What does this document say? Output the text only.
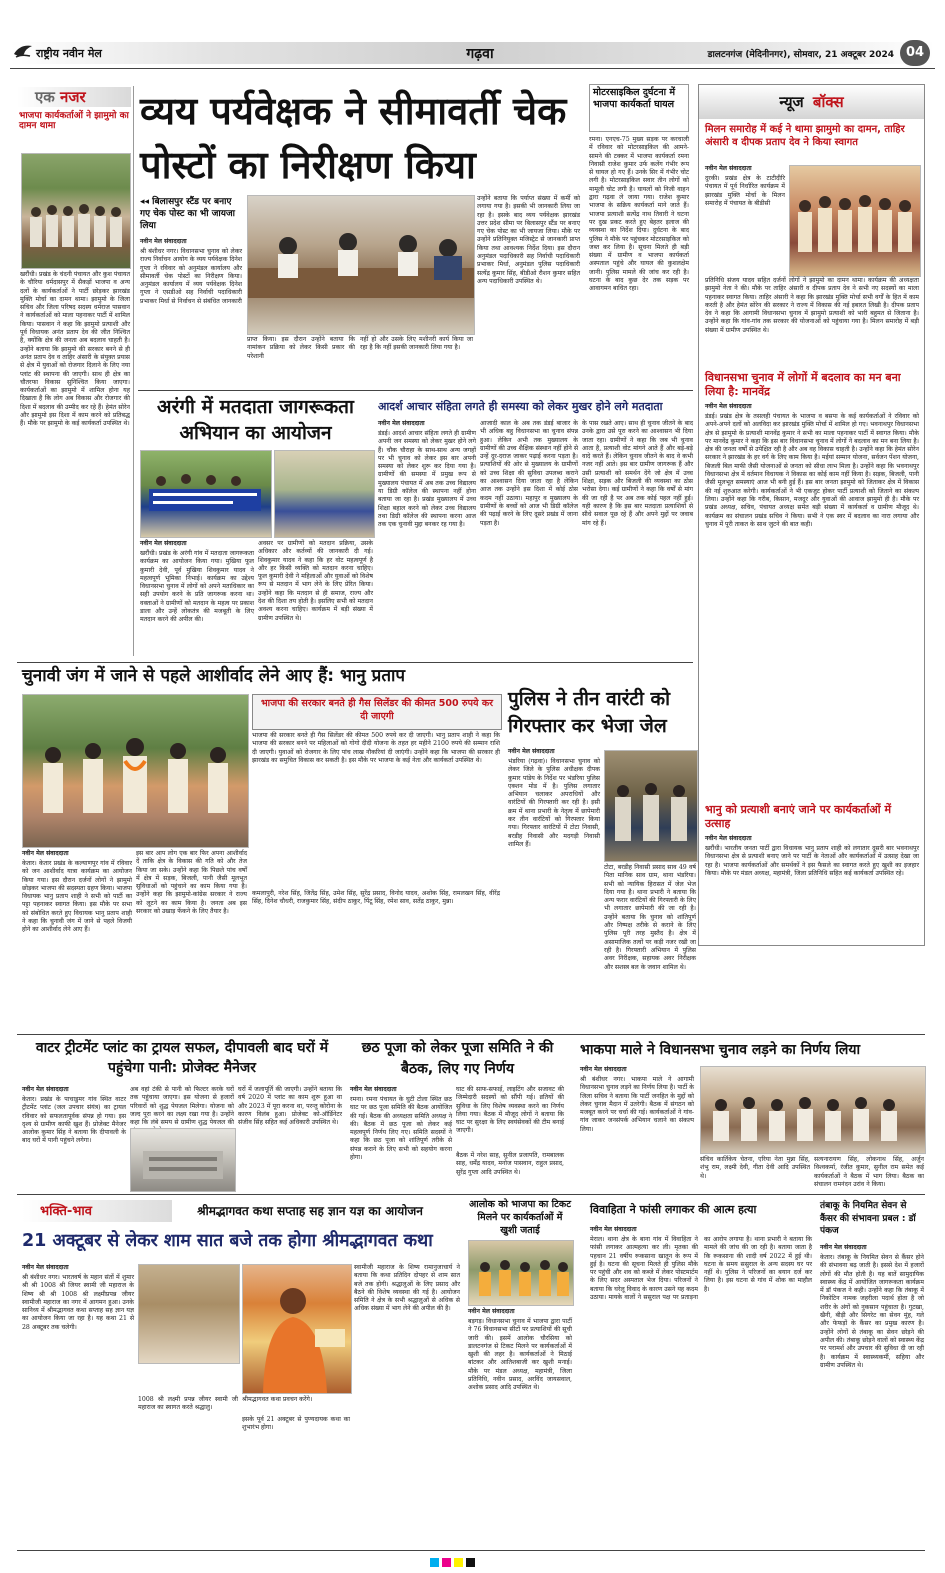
राष्ट्रीय नवीन मेल	गढ़वा	डालटनगंज (मेदिनीनगर), सोमवार, 21 अक्टूबर 2024 04
एक नजर
भाजपा कार्यकर्ताओं ने झामुमो का दामन थामा
खरौंधी। प्रखंड के चंदनी पंचायत और कुश पंचायत के चौरिया धर्मदासपुर में सैकड़ों भाजपा व अन्य दलों के कार्यकर्ताओं ने पार्टी छोड़कर झारखंड मुक्ति मोर्चा का दामन थामा। झामुमो के जिला सचिव और जिला परिषद सदस्य धर्मराज पासवान ने कार्यकर्ताओं को माला पहनाकर पार्टी में शामिल किया। पासवान ने कहा कि झामुमो प्रत्याशी और पूर्व विधायक अनंत प्रताप देव की जीत निश्चित है, क्योंकि क्षेत्र की जनता अब बदलाव चाहती है। उन्होंने बताया कि झामुमो की सरकार बनने से ही अनंत प्रताप देव व ताहिर अंसारी के संयुक्त प्रयास से क्षेत्र में युवाओं को रोजगार दिलाने के लिए नया प्लांट की स्थापना की जाएगी। साथ ही क्षेत्र का चौतरफा विकास सुनिश्चित किया जाएगा। कार्यकर्ताओं का झामुमो में शामिल होना यह दिखाता है कि लोग अब विकास और रोजगार की दिशा में बदलाव की उम्मीद कर रहे हैं। हेमंत सोरेन और झामुमो इस दिशा में काम करने को प्रतिबद्ध हैं। मौके पर झामुमो के कई कार्यकर्ता उपस्थित थे।
व्यय पर्यवेक्षक ने सीमावर्ती चेक पोस्टों का निरीक्षण किया
◂◂ बिलासपुर स्टैंड पर बनाए गए चेक पोस्ट का भी जायजा लिया
नवीन मेल संवाददाता
श्री बंशीधर नगर। विधानसभा चुनाव को लेकर राज्य निर्वाचन आयोग के व्यय पर्यवेक्षक दिनेश गुप्ता ने रविवार को अनुमंडल कार्यालय और सीमावर्ती चेक पोस्टों का निरीक्षण किया। अनुमंडल कार्यालय में व्यय पर्यवेक्षक दिनेश गुप्ता ने एसडीओ सह निर्वाची पदाधिकारी प्रभाकर मिर्धा से निर्वाचन से संबंधित जानकारी
प्राप्त किया। इस दौरान उन्होंने बताया कि नामांकन प्रक्रिया को लेकर किसी प्रकार की परेशानी
नहीं हो और उसके लिए मशीनरी कार्य किया जा रहा है कि नहीं इसकी जानकारी लिया गया है।
उन्होंने बताया कि पर्याप्त संख्या में कर्मी को लगाया गया है। इसकी भी जानकारी लिया जा रहा है। इसके बाद व्यय पर्यवेक्षक झारखंड उत्तर प्रदेश सीमा पर बिलासपुर स्टैंड पर बनाए गए चेक पोस्ट का भी जायजा लिया। मौके पर उन्होंने प्रतिनियुक्त मजिस्ट्रेट से जानकारी प्राप्त किया तथा आवश्यक निर्देश दिया। इस दौरान अनुमंडल पदाधिकारी सह निर्वाची पदाधिकारी प्रभाकर मिर्धा, अनुमंडल पुलिस पदाधिकारी सत्येंद्र कुमार सिंह, बीडीओ रौशन कुमार सहित अन्य पदाधिकारी उपस्थित थे।
मोटरसाइकिल दुर्घटना में भाजपा कार्यकर्ता घायल
रमना। एनएच-75 मुख्य सड़क पर करचाली में रविवार को मोटरसाइकिल की आमने-सामने की टक्कर में भाजपा कार्यकर्ता रमना निवासी राजेश कुमार उर्फ कलेंग गंभीर रूप से घायल हो गए हैं। उनके सिर में गंभीर चोट लगी है। मोटरसाइकिल सवार तीन लोगों को मामूली चोट लगी है। घायलों को निजी वाहन द्वारा गढ़वा ले जाया गया। राजेश कुमार भाजपा के सक्रिय कार्यकर्ता माने जाते हैं। भाजपा प्रत्याशी सत्येंद्र नाथ तिवारी ने घटना पर दुख प्रकट करते हुए बेहतर इलाज की व्यवस्था का निर्देश दिया। दुर्घटना के बाद पुलिस ने मौके पर पहुंचकर मोटरसाइकिल को जब्त कर लिया है। सूचना मिलते ही बड़ी संख्या में ग्रामीण व भाजपा कार्यकर्ता अस्पताल पहुंचे और घायल की कुशलक्षेम जानी। पुलिस मामले की जांच कर रही है। घटना के बाद कुछ देर तक सड़क पर आवागमन बाधित रहा।
न्यूज बॉक्स
मिलन समारोह में कई ने थामा झामुमो का दामन, ताहिर अंसारी व दीपक प्रताप देव ने किया स्वागत
नवीन मेल संवाददाता
दुरकी। प्रखंड क्षेत्र के टाटीदीरि पंचायत में पूर्व निर्धारित कार्यक्रम में झारखंड मुक्ति मोर्चा के मिलन समारोह में पंचायत के बीडीसी
प्रतिनिधि संजय यादव सहित दर्जनों लोगों ने झामुमो का दामन थामा। कार्यक्रम की अध्यक्षता झामुमो नेता ने की। मौके पर ताहिर अंसारी व दीपक प्रताप देव ने सभी नए सदस्यों का माला पहनाकर स्वागत किया। ताहिर अंसारी ने कहा कि झारखंड मुक्ति मोर्चा सभी वर्गों के हित में काम करती है और हेमंत सोरेन की सरकार ने राज्य में विकास की नई इबारत लिखी है। दीपक प्रताप देव ने कहा कि आगामी विधानसभा चुनाव में झामुमो प्रत्याशी को भारी बहुमत से जिताना है। उन्होंने कहा कि गांव-गांव तक सरकार की योजनाओं को पहुंचाया गया है। मिलन समारोह में बड़ी संख्या में ग्रामीण उपस्थित थे।
विधानसभा चुनाव में लोगों में बदलाव का मन बना लिया है: मानवेंद्र
नवीन मेल संवाददाता
डंडई। प्रखंड क्षेत्र के तसलही पंचायत के भाजपा व बसपा के कई कार्यकर्ताओं ने रविवार को अपने-अपने दलों को अलविदा कर झारखंड मुक्ति मोर्चा में शामिल हो गए। भवनाथपुर विधानसभा क्षेत्र से झामुमो के प्रत्याशी मानवेंद्र कुमार ने सभी का माला पहनाकर पार्टी में स्वागत किया। मौके पर मानवेंद्र कुमार ने कहा कि इस बार विधानसभा चुनाव में लोगों ने बदलाव का मन बना लिया है। क्षेत्र की जनता वर्षों से उपेक्षित रही है और अब वह विकास चाहती है। उन्होंने कहा कि हेमंत सोरेन सरकार ने झारखंड के हर वर्ग के लिए काम किया है। मईयां सम्मान योजना, सर्वजन पेंशन योजना, बिजली बिल माफी जैसी योजनाओं से जनता को सीधा लाभ मिला है। उन्होंने कहा कि भवनाथपुर विधानसभा क्षेत्र में वर्तमान विधायक ने विकास का कोई काम नहीं किया है। सड़क, बिजली, पानी जैसी मूलभूत समस्याएं आज भी बनी हुई हैं। इस बार जनता झामुमो को जिताकर क्षेत्र में विकास की नई शुरुआत करेगी। कार्यकर्ताओं ने भी एकजुट होकर पार्टी प्रत्याशी को जिताने का संकल्प लिया। उन्होंने कहा कि गरीब, किसान, मजदूर और युवाओं की आवाज झामुमो ही है। मौके पर प्रखंड अध्यक्ष, सचिव, पंचायत अध्यक्ष समेत बड़ी संख्या में कार्यकर्ता व ग्रामीण मौजूद थे। कार्यक्रम का संचालन प्रखंड सचिव ने किया। सभी ने एक स्वर में बदलाव का नारा लगाया और चुनाव में पूरी ताकत के साथ जुटने की बात कही।
भानु को प्रत्याशी बनाएं जाने पर कार्यकर्ताओं में उत्साह
नवीन मेल संवाददाता
खरौंधी। भारतीय जनता पार्टी द्वारा विधायक भानु प्रताप शाही को लगातार दूसरी बार भवनाथपुर विधानसभा क्षेत्र से प्रत्याशी बनाए जाने पर पार्टी के नेताओं और कार्यकर्ताओं में उत्साह देखा जा रहा है। भाजपा कार्यकर्ताओं और समर्थकों ने इस फैसले का स्वागत करते हुए खुशी का इजहार किया। मौके पर मंडल अध्यक्ष, महामंत्री, जिला प्रतिनिधि सहित कई कार्यकर्ता उपस्थित रहे।
अरंगी में मतदाता जागरूकता अभियान का आयोजन
नवीन मेल संवाददाता
खरौंधी। प्रखंड के अरंगी गांव में मतदाता जागरूकता कार्यक्रम का आयोजन किया गया। मुखिया फूल कुमारी देवी, पूर्व मुखिया शिवकुमार यादव ने महत्वपूर्ण भूमिका निभाई। कार्यक्रम का उद्देश्य विधानसभा चुनाव में लोगों को अपने मताधिकार का सही उपयोग करने के प्रति जागरूक करना था। वक्ताओं ने ग्रामीणों को मतदान के महत्व पर प्रकाश डाला और उन्हें लोकतंत्र की मजबूती के लिए मतदान करने की अपील की।
अवसर पर ग्रामीणों को मतदान प्रक्रिया, उसके अधिकार और कर्तव्यों की जानकारी दी गई। शिवकुमार यादव ने कहा कि हर वोट महत्वपूर्ण है और हर किसी व्यक्ति को मतदान करना चाहिए। फूल कुमारी देवी ने महिलाओं और युवाओं को विशेष रूप से मतदान में भाग लेने के लिए प्रेरित किया। उन्होंने कहा कि मतदान से ही समाज, राज्य और देश की दिशा तय होती है। इसलिए सभी को मतदान अवश्य करना चाहिए। कार्यक्रम में बड़ी संख्या में ग्रामीण उपस्थित थे।
आदर्श आचार संहिता लगते ही समस्या को लेकर मुखर होने लगे मतदाता
नवीन मेल संवाददाता
डंडई। आदर्श आचार संहिता लगते ही ग्रामीण अपनी जन समस्या को लेकर मुखर होने लगे हैं। चौक चौराहा के साथ-साथ अन्य जगहों पर भी चुनाव को लेकर इस बार अपनी समस्या को लेकर शुरू कर दिया गया है। ग्रामीणों की समस्या में प्रमुख रूप से मुख्यालय पंचायत में अब तक उच्च विद्यालय या डिग्री कॉलेज की स्थापना नहीं होना बताया जा रहा है। प्रखंड मुख्यालय में उच्च शिक्षा बहाल करने को लेकर उच्च विद्यालय तथा डिग्री कॉलेज की स्थापना करना आज तक एक चुनावी मुद्दा बनकर रह गया है।
आजादी काल के अब तक डंडई बाजार के भी अधिक बहु विधानसभा का चुनाव संपन्न हुआ। लेकिन अभी तक मुख्यालय के ग्रामीणों की उच्च शैक्षिक संस्थान नहीं होने से उन्हें दूर-दराज जाकर पढ़ाई करना पड़ता है। प्रत्याशियों की ओर से मुख्यालय के ग्रामीणों को उच्च शिक्षा की सुविधा उपलब्ध कराने का आश्वासन दिया जाता रहा है लेकिन आज तक उन्होंने इस दिशा में कोई ठोस कदम नहीं उठाया। महापुर व मुख्यालय के ग्रामीणों के बच्चों को आज भी डिग्री कॉलेज की पढ़ाई करने के लिए दूसरे प्रखंड में जाना पड़ता है।
के पास रखते आए। साथ ही चुनाव जीतने के बाद उनके द्वारा उसे पूरा करने का आश्वासन भी दिया जाता रहा। ग्रामीणों ने कहा कि जब भी चुनाव आता है, प्रत्याशी वोट मांगने आते हैं और बड़े-बड़े वादे करते हैं। लेकिन चुनाव जीतने के बाद वे कभी नजर नहीं आते। इस बार ग्रामीण जागरूक हैं और उसी प्रत्याशी को समर्थन देंगे जो क्षेत्र में उच्च शिक्षा, सड़क और बिजली की व्यवस्था का ठोस भरोसा देगा। कई ग्रामीणों ने कहा कि वर्षों से मांग की जा रही है पर अब तक कोई पहल नहीं हुई। यही कारण है कि इस बार मतदाता प्रत्याशियों से सीधे सवाल पूछ रहे हैं और अपने मुद्दों पर जवाब मांग रहे हैं।
चुनावी जंग में जाने से पहले आशीर्वाद लेने आए हैं: भानु प्रताप
नवीन मेल संवाददाता
केतार। केतार प्रखंड के कल्याणपुर गांव में रविवार को जन आशीर्वाद यात्रा कार्यक्रम का आयोजन किया गया। इस दौरान दर्जनों लोगों ने झामुमो छोड़कर भाजपा की सदस्यता ग्रहण किया। भाजपा विधायक भानु प्रताप शाही ने सभी को पार्टी का पट्टा पहनाकर स्वागत किया। इस मौके पर सभा को संबोधित करते हुए विधायक भानु प्रताप शाही ने कहा कि चुनावी जंग में जाने से पहले विजयी होने का आशीर्वाद लेने आए हैं।
इस बार आप लोग एक बार फिर अपना आशीर्वाद दें ताकि क्षेत्र के विकास की गति को और तेज किया जा सके। उन्होंने कहा कि पिछले पांच वर्षों में क्षेत्र में सड़क, बिजली, पानी जैसी मूलभूत सुविधाओं को पहुंचाने का काम किया गया है। उन्होंने कहा कि झामुमो-कांग्रेस सरकार ने राज्य को लूटने का काम किया है। जनता अब इस सरकार को उखाड़ फेंकने के लिए तैयार है।
भाजपा की सरकार बनते ही गैस सिलेंडर की कीमत 500 रुपये कर दी जाएगी
भाजपा की सरकार बनते ही गैस सिलेंडर की कीमत 500 रुपये कर दी जाएगी। भानु प्रताप शाही ने कहा कि भाजपा की सरकार बनने पर महिलाओं को गोगो दीदी योजना के तहत हर महीने 2100 रुपये की सम्मान राशि दी जाएगी। युवाओं को रोजगार के लिए पांच लाख नौकरियां दी जाएंगी। उन्होंने कहा कि भाजपा की सरकार ही झारखंड का समुचित विकास कर सकती है। इस मौके पर भाजपा के कई नेता और कार्यकर्ता उपस्थित थे।
कमलापुरी, नरेश सिंह, जितेंद्र सिंह, उमेश सिंह, सुरेंद्र प्रसाद, विनोद यादव, अशोक सिंह, रामलखन सिंह, वीरेंद्र सिंह, दिनेश चौधरी, राजकुमार सिंह, संदीप ठाकुर, पिंटू सिंह, रमेश साव, सतेंद्र ठाकुर, मुन्ना।
पुलिस ने तीन वारंटी को गिरफ्तार कर भेजा जेल
नवीन मेल संवाददाता
भंडरिया (गढ़वा)। विधानसभा चुनाव को लेकर जिले के पुलिस अधीक्षक दीपक कुमार पांडेय के निर्देश पर भंडरिया पुलिस एक्शन मोड में है। पुलिस लगातार अभियान चलाकर अपराधियों और वारंटियों की गिरफ्तारी कर रही है। इसी क्रम में थाना प्रभारी के नेतृत्व में छापेमारी कर तीन वारंटियों को गिरफ्तार किया गया। गिरफ्तार वारंटियों में टोटा निवासी, बरडीह निवासी और मदगड़ी निवासी शामिल हैं।
टोटा, बरडीह निवासी प्रसाद साव 49 वर्ष पिता मानिक साव ग्राम, थाना भंडरिया। सभी को न्यायिक हिरासत में जेल भेज दिया गया है। थाना प्रभारी ने बताया कि अन्य फरार वारंटियों की गिरफ्तारी के लिए भी लगातार छापेमारी की जा रही है। उन्होंने बताया कि चुनाव को शांतिपूर्ण और निष्पक्ष तरीके से कराने के लिए पुलिस पूरी तरह मुस्तैद है। क्षेत्र में असामाजिक तत्वों पर कड़ी नजर रखी जा रही है। गिरफ्तारी अभियान में पुलिस अवर निरीक्षक, सहायक अवर निरीक्षक और सशस्त्र बल के जवान शामिल थे।
वाटर ट्रीटमेंट प्लांट का ट्रायल सफल, दीपावली बाद घरों में पहुंचेगा पानी: प्रोजेक्ट मैनेजर
नवीन मेल संवाददाता
केतार। प्रखंड के पाचाडुमर गांव स्थित वाटर ट्रीटमेंट प्लांट (जल उपचार संयंत्र) का ट्रायल रविवार को सफलतापूर्वक संपन्न हो गया। इस दृश्य से ग्रामीण काफी खुश हैं। प्रोजेक्ट मैनेजर आलोक कुमार सिंह ने बताया कि दीपावली के बाद घरों में पानी पहुंचने लगेगा।
अब वहां टंकी से पानी को फिल्टर करके घरों तक पहुंचाया जाएगा। इस योजना से हजारों परिवारों को शुद्ध पेयजल मिलेगा। योजना को जल्द पूरा करने का लक्ष्य रखा गया है। उन्होंने कहा कि लंबे समय से ग्रामीण शुद्ध पेयजल की
घरों में जलापूर्ति की जाएगी। उन्होंने बताया कि वर्ष 2020 में प्लांट का काम शुरू हुआ था और 2023 में पूरा करना था, परन्तु कोरोना के कारण विलंब हुआ। प्रोजेक्ट को-ऑर्डिनेटर संजीव सिंह सहित कई अधिकारी उपस्थित थे।
छठ पूजा को लेकर पूजा समिति ने की बैठक, लिए गए निर्णय
नवीन मेल संवाददाता
रमना। रमना पंचायत के घुटी टोला स्थित छठ घाट पर छठ पूजा समिति की बैठक आयोजित की गई। बैठक की अध्यक्षता समिति अध्यक्ष ने की। बैठक में छठ पूजा को लेकर कई महत्वपूर्ण निर्णय लिए गए। समिति सदस्यों ने कहा कि छठ पूजा को शांतिपूर्ण तरीके से संपन्न कराने के लिए सभी को सहयोग करना होगा।
घाट की साफ-सफाई, लाइटिंग और सजावट की जिम्मेदारी सदस्यों को सौंपी गई। व्रतियों की सुविधा के लिए विशेष व्यवस्था करने का निर्णय लिया गया। बैठक में मौजूद लोगों ने बताया कि घाट पर सुरक्षा के लिए स्वयंसेवकों की टीम बनाई जाएगी।
बैठक में नरेश साह, सुनील प्रजापति, रामबालक साह, धर्मेंद्र यादव, मनोज पासवान, राहुल प्रसाद, सुरेंद्र गुप्ता आदि उपस्थित थे।
भाकपा माले ने विधानसभा चुनाव लड़ने का निर्णय लिया
नवीन मेल संवाददाता
श्री बंशीधर नगर। भाकपा माले ने आगामी विधानसभा चुनाव लड़ने का निर्णय लिया है। पार्टी के जिला सचिव ने बताया कि पार्टी जनहित के मुद्दों को लेकर चुनाव मैदान में उतरेगी। बैठक में संगठन को मजबूत करने पर चर्चा की गई। कार्यकर्ताओं ने गांव-गांव जाकर जनसंपर्क अभियान चलाने का संकल्प लिया।
संचिव कार्तिकेय चेतना, एरिया नेता मुन्ना सिंह, शंभु राम, लक्ष्मी देवी, गीता देवी आदि उपस्थित थे।
सत्यनारायण सिंह, लोकनाथ सिंह, अर्जुन विश्वकर्मा, रंजीत कुमार, सुनील राम समेत कई कार्यकर्ताओं ने बैठक में भाग लिया। बैठक का संचालन रामनंदन उरांव ने किया।
भक्ति-भाव	श्रीमद्भागवत कथा सप्ताह सह ज्ञान यज्ञ का आयोजन
21 अक्टूबर से लेकर शाम सात बजे तक होगा श्रीमद्भागवत कथा
नवीन मेल संवाददाता
श्री बंशीधर नगर। भारतवर्ष के महान संतों में शुमार श्री श्री 1008 श्री जियर स्वामी जी महाराज के शिष्य श्री श्री 1008 श्री लक्ष्मीप्रपन्न जीयर स्वामीजी महाराज का नगर में आगमन हुआ। उनके सानिध्य में श्रीमद्भागवत कथा सप्ताह सह ज्ञान यज्ञ का आयोजन किया जा रहा है। यह कथा 21 से 28 अक्टूबर तक चलेगी।
1008 श्री लक्ष्मी प्रपन्न जीयर स्वामी जी महाराज का स्वागत करते श्रद्धालु।
श्रीमद्भागवत कथा प्रवचन करेंगे।
इसके पूर्व 21 अक्टूबर से पुण्यदायक कथा का शुभारंभ होगा।
स्वामीजी महाराज के शिष्य रामानुजाचार्य ने बताया कि कथा प्रतिदिन दोपहर से शाम सात बजे तक होगी। श्रद्धालुओं के लिए प्रसाद और बैठने की विशेष व्यवस्था की गई है। आयोजन समिति ने क्षेत्र के सभी श्रद्धालुओं से अधिक से अधिक संख्या में भाग लेने की अपील की है।
आलोक को भाजपा का टिकट मिलने पर कार्यकर्ताओं में खुशी जताई
नवीन मेल संवाददाता
बड़गड़। विधानसभा चुनाव में भाजपा द्वारा पार्टी ने 76 विधानसभा सीटों पर प्रत्याशियों की सूची जारी की। इसमें आलोक चौरसिया को डालटनगंज से टिकट मिलने पर कार्यकर्ताओं में खुशी की लहर है। कार्यकर्ताओं ने मिठाई बांटकर और आतिशबाजी कर खुशी मनाई। मौके पर मंडल अध्यक्ष, महामंत्री, जिला प्रतिनिधि, नवीन प्रसाद, अरविंद जायसवाल, अशोक प्रसाद आदि उपस्थित थे।
विवाहिता ने फांसी लगाकर की आत्म हत्या
नवीन मेल संवाददाता
मेराल। थाना क्षेत्र के बाना गांव में विवाहिता ने फांसी लगाकर आत्महत्या कर ली। मृतका की पहचान 21 वर्षीय रूकसाना खातून के रूप में हुई है। घटना की सूचना मिलते ही पुलिस मौके पर पहुंची और शव को कब्जे में लेकर पोस्टमार्टम के लिए सदर अस्पताल भेज दिया। परिजनों ने बताया कि घरेलू विवाद के कारण उसने यह कदम उठाया। मायके वालों ने ससुराल पक्ष पर प्रताड़ना का आरोप लगाया है। थाना प्रभारी ने बताया कि मामले की जांच की जा रही है। बताया जाता है कि रूकसाना की शादी वर्ष 2022 में हुई थी। घटना के समय ससुराल के अन्य सदस्य घर पर नहीं थे। पुलिस ने परिजनों का बयान दर्ज कर लिया है। इस घटना से गांव में शोक का माहौल है।
तंबाकू के नियमित सेवन से कैंसर की संभावना प्रबल : डॉ पंकज
नवीन मेल संवाददाता
केतार। तंबाकू के नियमित सेवन से कैंसर होने की संभावना बढ़ जाती है। इससे देश में हजारों लोगों की मौत होती है। यह बातें सामुदायिक स्वास्थ्य केंद्र में आयोजित जागरूकता कार्यक्रम में डॉ पंकज ने कही। उन्होंने कहा कि तंबाकू में निकोटिन नामक जहरीला पदार्थ होता है जो शरीर के अंगों को नुकसान पहुंचाता है। गुटखा, खैनी, बीड़ी और सिगरेट का सेवन मुंह, गले और फेफड़ों के कैंसर का प्रमुख कारण है। उन्होंने लोगों से तंबाकू का सेवन छोड़ने की अपील की। तंबाकू छोड़ने वालों को स्वास्थ्य केंद्र पर परामर्श और उपचार की सुविधा दी जा रही है। कार्यक्रम में स्वास्थ्यकर्मी, सहिया और ग्रामीण उपस्थित थे।
